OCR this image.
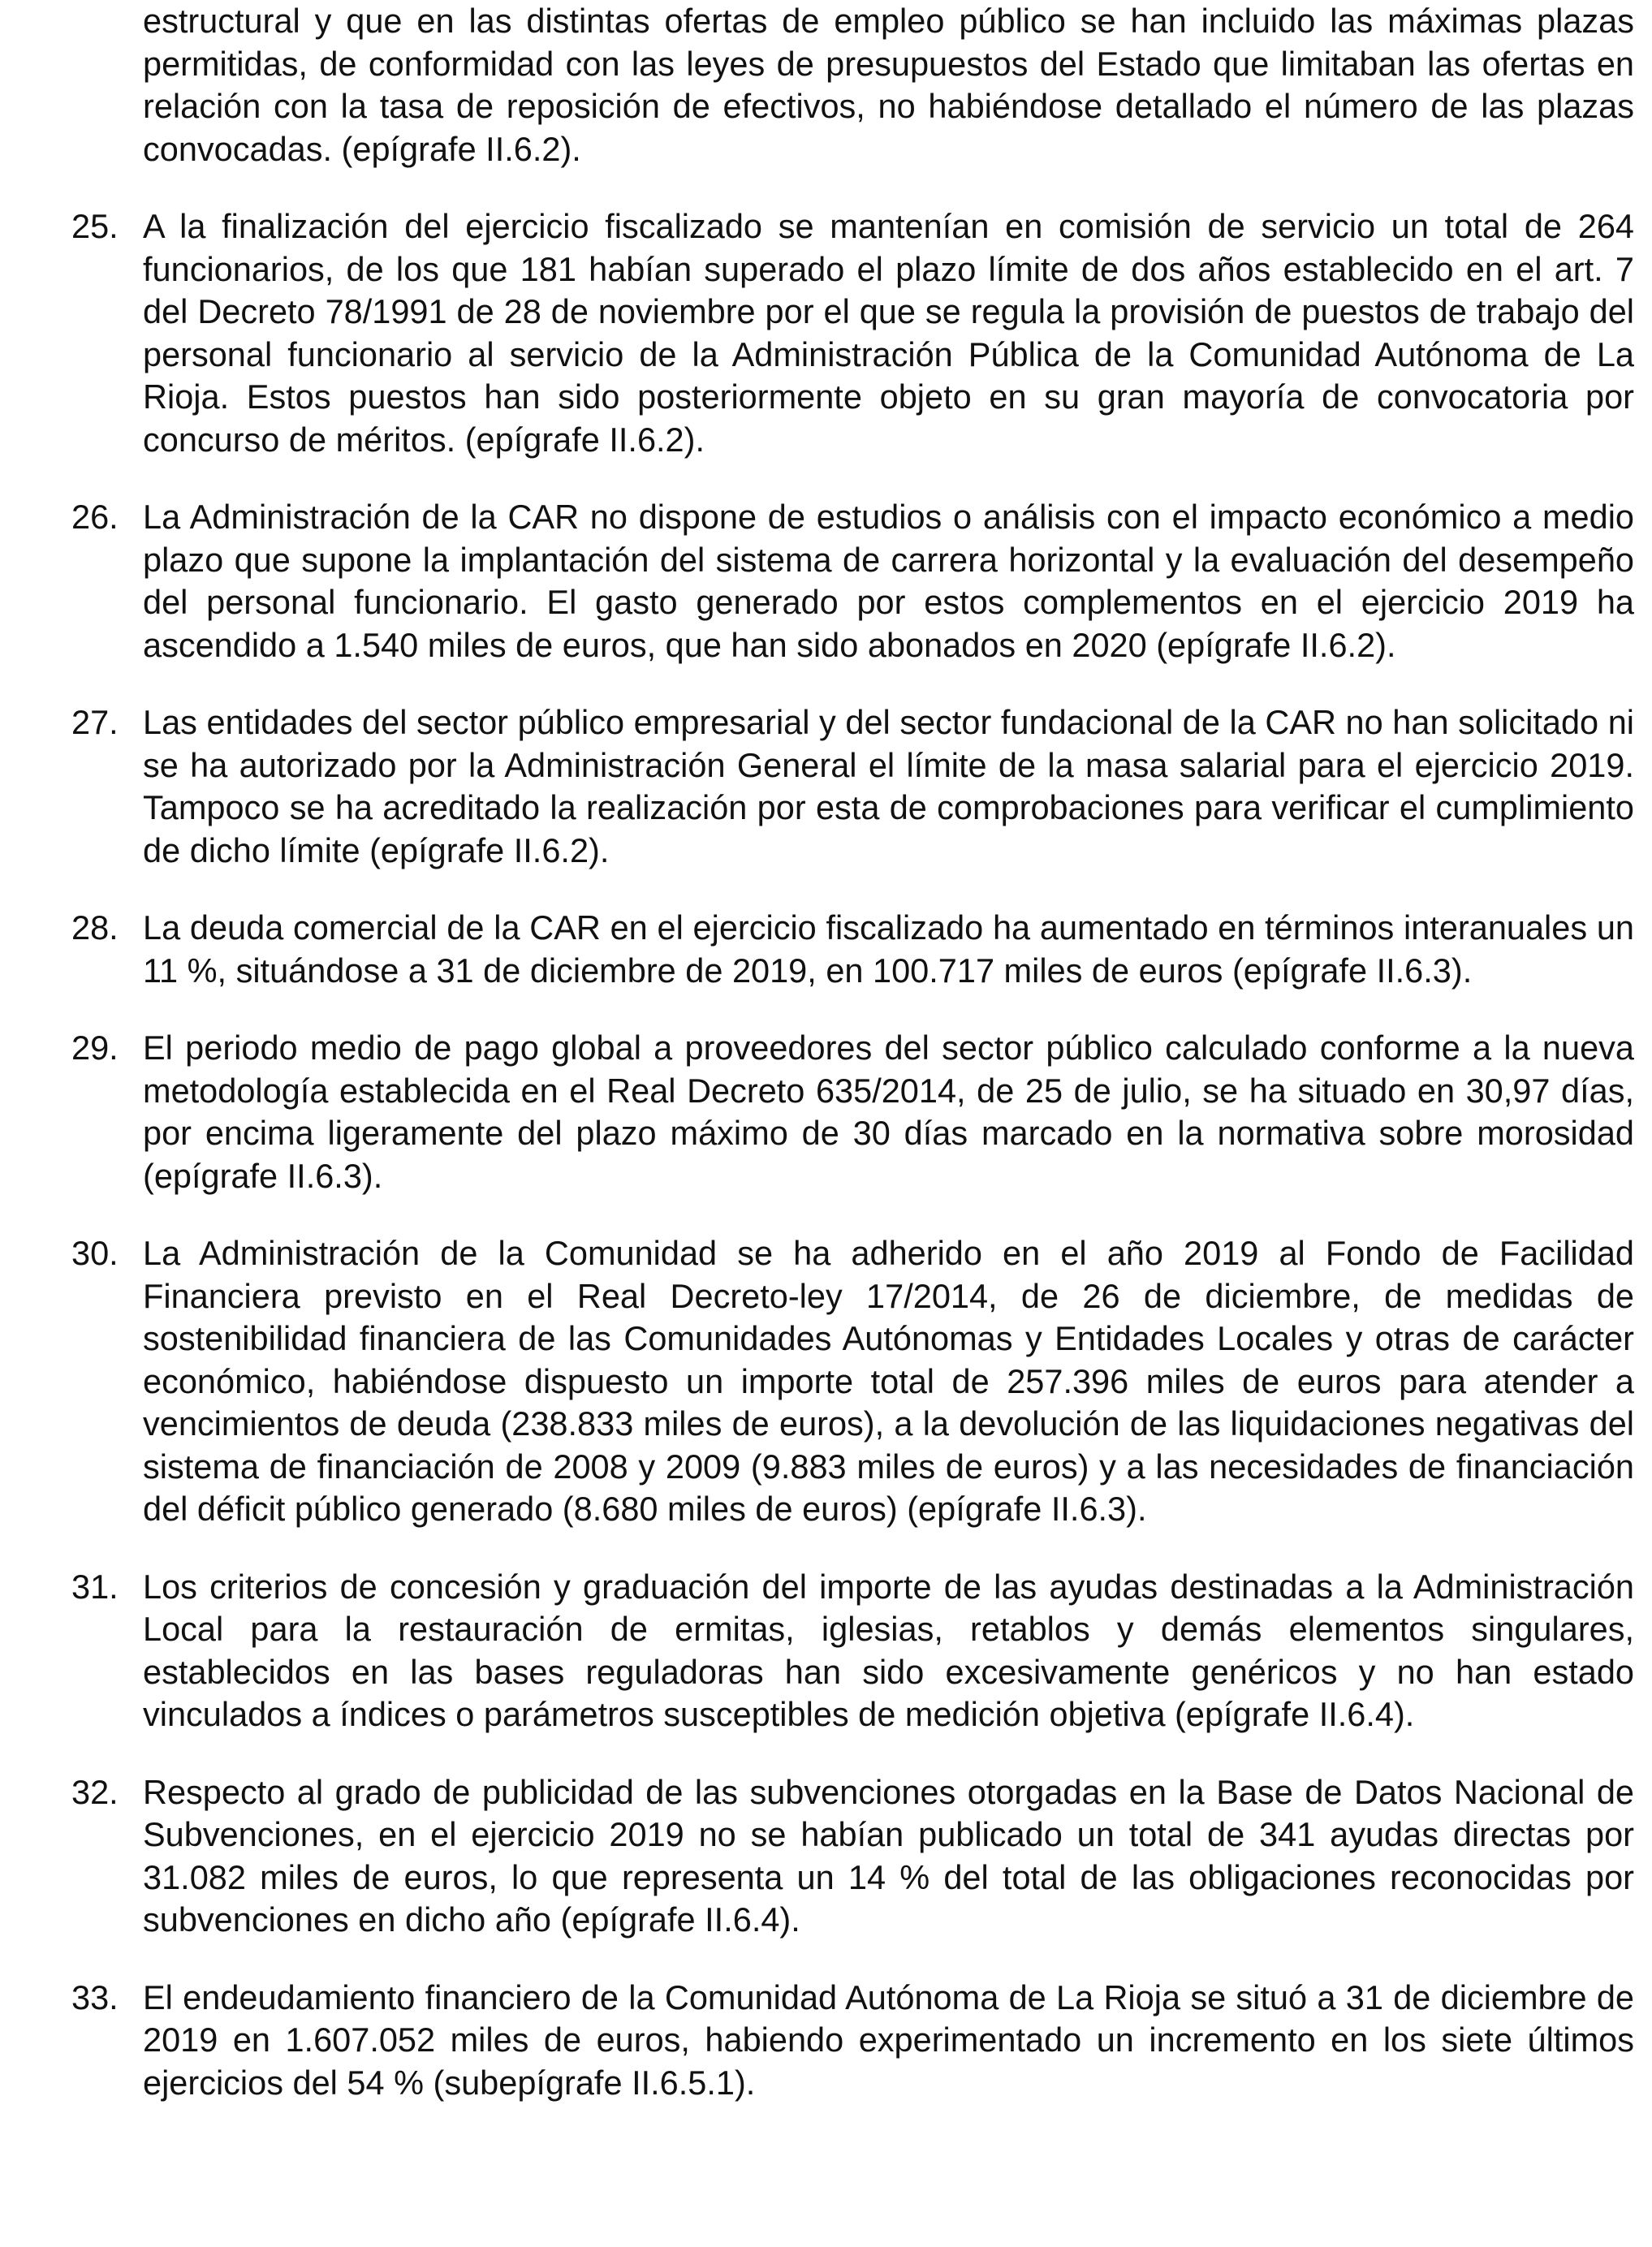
estructural y que en las distintas ofertas de empleo público se han incluido las máximas plazas permitidas, de conformidad con las leyes de presupuestos del Estado que limitaban las ofertas en relación con la tasa de reposición de efectivos, no habiéndose detallado el número de las plazas convocadas. (epígrafe II.6.2).

25. A la finalización del ejercicio fiscalizado se mantenían en comisión de servicio un total de 264 funcionarios, de los que 181 habían superado el plazo límite de dos años establecido en el art. 7 del Decreto 78/1991 de 28 de noviembre por el que se regula la provisión de puestos de trabajo del personal funcionario al servicio de la Administración Pública de la Comunidad Autónoma de La Rioja. Estos puestos han sido posteriormente objeto en su gran mayoría de convocatoria por concurso de méritos. (epígrafe II.6.2).
26. La Administración de la CAR no dispone de estudios o análisis con el impacto económico a medio plazo que supone la implantación del sistema de carrera horizontal y la evaluación del desempeño del personal funcionario. El gasto generado por estos complementos en el ejercicio 2019 ha ascendido a 1.540 miles de euros, que han sido abonados en 2020 (epígrafe II.6.2).
27. Las entidades del sector público empresarial y del sector fundacional de la CAR no han solicitado ni se ha autorizado por la Administración General el límite de la masa salarial para el ejercicio 2019. Tampoco se ha acreditado la realización por esta de comprobaciones para verificar el cumplimiento de dicho límite (epígrafe II.6.2).
28. La deuda comercial de la CAR en el ejercicio fiscalizado ha aumentado en términos interanuales un 11 %, situándose a 31 de diciembre de 2019, en 100.717 miles de euros (epígrafe II.6.3).
29. El periodo medio de pago global a proveedores del sector público calculado conforme a la nueva metodología establecida en el Real Decreto 635/2014, de 25 de julio, se ha situado en 30,97 días, por encima ligeramente del plazo máximo de 30 días marcado en la normativa sobre morosidad (epígrafe II.6.3).
30. La Administración de la Comunidad se ha adherido en el año 2019 al Fondo de Facilidad Financiera previsto en el Real Decreto-ley 17/2014, de 26 de diciembre, de medidas de sostenibilidad financiera de las Comunidades Autónomas y Entidades Locales y otras de carácter económico, habiéndose dispuesto un importe total de 257.396 miles de euros para atender a vencimientos de deuda (238.833 miles de euros), a la devolución de las liquidaciones negativas del sistema de financiación de 2008 y 2009 (9.883 miles de euros) y a las necesidades de financiación del déficit público generado (8.680 miles de euros) (epígrafe II.6.3).
31. Los criterios de concesión y graduación del importe de las ayudas destinadas a la Administración Local para la restauración de ermitas, iglesias, retablos y demás elementos singulares, establecidos en las bases reguladoras han sido excesivamente genéricos y no han estado vinculados a índices o parámetros susceptibles de medición objetiva (epígrafe II.6.4).
32. Respecto al grado de publicidad de las subvenciones otorgadas en la Base de Datos Nacional de Subvenciones, en el ejercicio 2019 no se habían publicado un total de 341 ayudas directas por 31.082 miles de euros, lo que representa un 14 % del total de las obligaciones reconocidas por subvenciones en dicho año (epígrafe II.6.4).
33. El endeudamiento financiero de la Comunidad Autónoma de La Rioja se situó a 31 de diciembre de 2019 en 1.607.052 miles de euros, habiendo experimentado un incremento en los siete últimos ejercicios del 54 % (subepígrafe II.6.5.1).
